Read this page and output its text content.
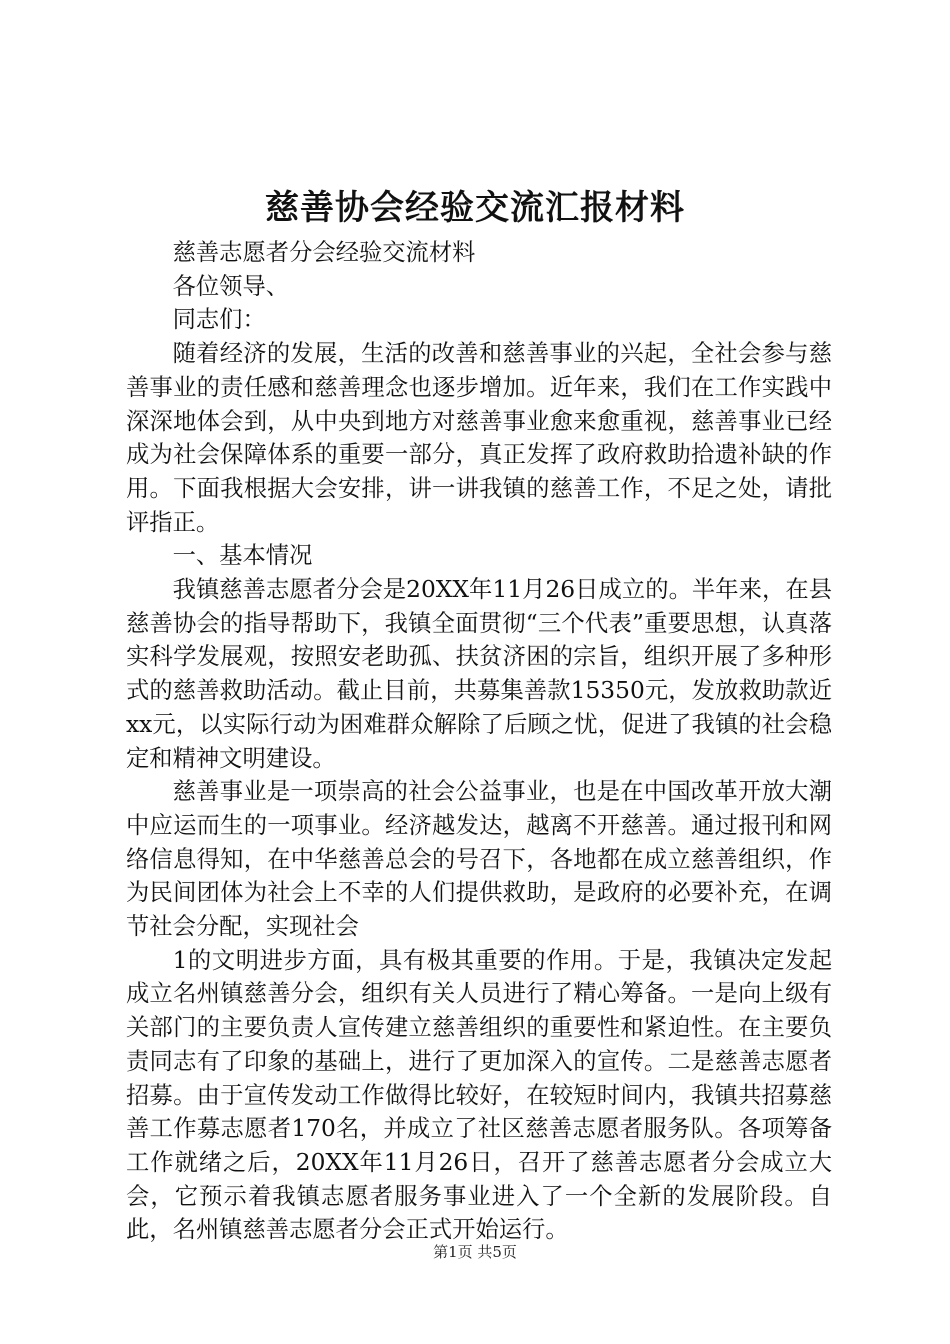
慈善协会经验交流汇报材料

慈善志愿者分会经验交流材料

各位领导、

同志们：

随着经济的发展，生活的改善和慈善事业的兴起，全社会参与慈善事业的责任感和慈善理念也逐步增加。近年来，我们在工作实践中深深地体会到，从中央到地方对慈善事业愈来愈重视，慈善事业已经成为社会保障体系的重要一部分，真正发挥了政府救助拾遗补缺的作用。下面我根据大会安排，讲一讲我镇的慈善工作，不足之处，请批评指正。

一、基本情况

我镇慈善志愿者分会是20XX年11月26日成立的。半年来，在县慈善协会的指导帮助下，我镇全面贯彻“三个代表”重要思想，认真落实科学发展观，按照安老助孤、扶贫济困的宗旨，组织开展了多种形式的慈善救助活动。截止目前，共募集善款15350元，发放救助款近xx元，以实际行动为困难群众解除了后顾之忧，促进了我镇的社会稳定和精神文明建设。

慈善事业是一项崇高的社会公益事业，也是在中国改革开放大潮中应运而生的一项事业。经济越发达，越离不开慈善。通过报刊和网络信息得知，在中华慈善总会的号召下，各地都在成立慈善组织，作为民间团体为社会上不幸的人们提供救助，是政府的必要补充，在调节社会分配，实现社会

1的文明进步方面，具有极其重要的作用。于是，我镇决定发起成立名州镇慈善分会，组织有关人员进行了精心筹备。一是向上级有关部门的主要负责人宣传建立慈善组织的重要性和紧迫性。在主要负责同志有了印象的基础上，进行了更加深入的宣传。二是慈善志愿者招募。由于宣传发动工作做得比较好，在较短时间内，我镇共招募慈善工作募志愿者170名，并成立了社区慈善志愿者服务队。各项筹备工作就绪之后，20XX年11月26日，召开了慈善志愿者分会成立大会，它预示着我镇志愿者服务事业进入了一个全新的发展阶段。自此，名州镇慈善志愿者分会正式开始运行。

第1页 共5页
